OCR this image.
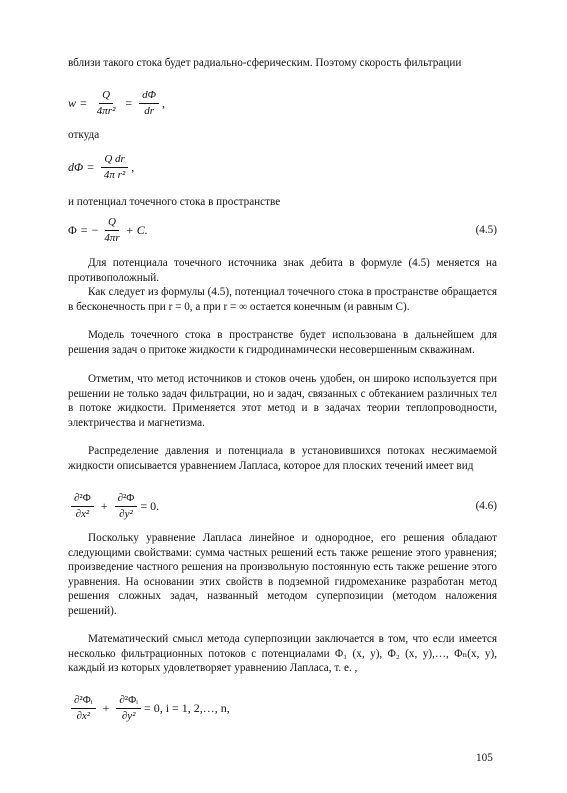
вблизи такого стока будет радиально-сферическим. Поэтому скорость фильтрации

$w = \frac{Q}{\text{4πr²}} = \frac{d\Phi}{dr}$ ,

откуда

$d\Phi = \frac{\text{Q dr}}{\text{4π r²}}$ ,

и потенциал точечного стока в пространстве

Φ = − $\frac{Q}{4\pi r} + C$.	(4.5)

Для потенциала точечного источника знак дебита в формуле (4.5) меняется на противоположный.

Как следует из формулы (4.5), потенциал точечного стока в пространстве обращается в бесконечность при r = 0, а при r = ∞ остается конечным (и равным C).

Модель точечного стока в пространстве будет использована в дальнейшем для решения задач о притоке жидкости к гидродинамически несовершенным скважинам.

Отметим, что метод источников и стоков очень удобен, он широко используется при решении не только задач фильтрации, но и задач, связанных с обтеканием различных тел в потоке жидкости. Применяется этот метод и в задачах теории теплопроводности, электричества и магнетизма.

Распределение давления и потенциала в установившихся потоках несжимаемой жидкости описывается уравнением Лапласа, которое для плоских течений имеет вид

$\frac{\text{∂²Φ}}{\text{∂x²}} + \frac{\text{∂²Φ}}{\text{∂y²}} = 0$.	(4.6)

Поскольку уравнение Лапласа линейное и однородное, его решения обладают следующими свойствами: сумма частных решений есть также решение этого уравнения; произведение частного решения на произвольную постоянную есть также решение этого уравнения. На основании этих свойств в подземной гидромеханике разработан метод решения сложных задач, названный методом суперпозиции (методом наложения решений).

Математический смысл метода суперпозиции заключается в том, что если имеется несколько фильтрационных потоков с потенциалами Φ₁ (x, y), Φ₂ (x, y),…, Φₙ(x, y), каждый из которых удовлетворяет уравнению Лапласа, т. е. ,

$\frac{\text{∂²Φᵢ}}{\text{∂x²}} + \frac{\text{∂²Φᵢ}}{\text{∂y²}} = 0$, i = 1, 2,…, n,
105
